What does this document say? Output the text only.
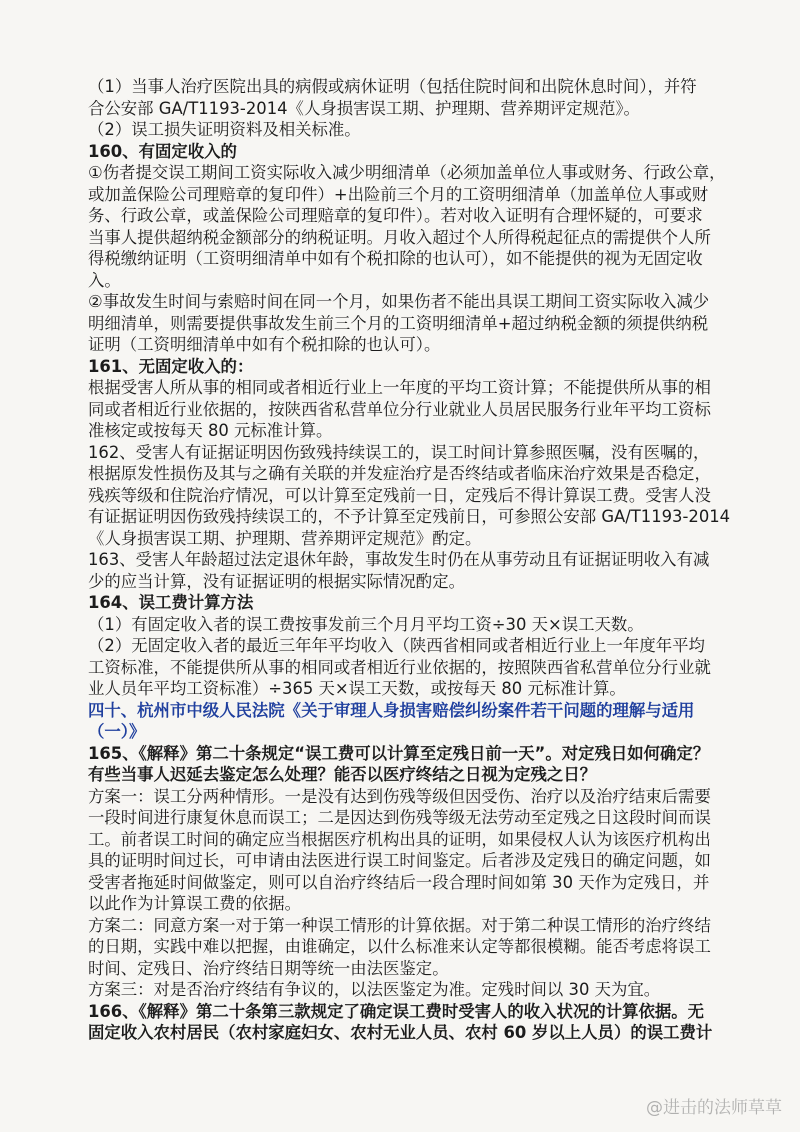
（1）当事人治疗医院出具的病假或病休证明（包括住院时间和出院休息时间），并符
合公安部 GA/T1193-2014《人身损害误工期、护理期、营养期评定规范》。
（2）误工损失证明资料及相关标准。
160、有固定收入的
①伤者提交误工期间工资实际收入减少明细清单（必须加盖单位人事或财务、行政公章，
或加盖保险公司理赔章的复印件）+出险前三个月的工资明细清单（加盖单位人事或财
务、行政公章，或盖保险公司理赔章的复印件）。若对收入证明有合理怀疑的，可要求
当事人提供超纳税金额部分的纳税证明。月收入超过个人所得税起征点的需提供个人所
得税缴纳证明（工资明细清单中如有个税扣除的也认可），如不能提供的视为无固定收
入。
②事故发生时间与索赔时间在同一个月，如果伤者不能出具误工期间工资实际收入减少
明细清单，则需要提供事故发生前三个月的工资明细清单+超过纳税金额的须提供纳税
证明（工资明细清单中如有个税扣除的也认可）。
161、无固定收入的：
根据受害人所从事的相同或者相近行业上一年度的平均工资计算；不能提供所从事的相
同或者相近行业依据的，按陕西省私营单位分行业就业人员居民服务行业年平均工资标
准核定或按每天 80 元标准计算。
162、受害人有证据证明因伤致残持续误工的，误工时间计算参照医嘱，没有医嘱的，
根据原发性损伤及其与之确有关联的并发症治疗是否终结或者临床治疗效果是否稳定，
残疾等级和住院治疗情况，可以计算至定残前一日，定残后不得计算误工费。受害人没
有证据证明因伤致残持续误工的，不予计算至定残前日，可参照公安部 GA/T1193-2014
《人身损害误工期、护理期、营养期评定规范》酌定。
163、受害人年龄超过法定退休年龄，事故发生时仍在从事劳动且有证据证明收入有减
少的应当计算，没有证据证明的根据实际情况酌定。
164、误工费计算方法
（1）有固定收入者的误工费按事发前三个月月平均工资÷30 天×误工天数。
（2）无固定收入者的最近三年年平均收入（陕西省相同或者相近行业上一年度年平均
工资标准，不能提供所从事的相同或者相近行业依据的，按照陕西省私营单位分行业就
业人员年平均工资标准）÷365 天×误工天数，或按每天 80 元标准计算。
四十、杭州市中级人民法院《关于审理人身损害赔偿纠纷案件若干问题的理解与适用
（一）》
165、《解释》第二十条规定“误工费可以计算至定残日前一天”。对定残日如何确定？
有些当事人迟延去鉴定怎么处理？能否以医疗终结之日视为定残之日？
方案一：误工分两种情形。一是没有达到伤残等级但因受伤、治疗以及治疗结束后需要
一段时间进行康复休息而误工；二是因达到伤残等级无法劳动至定残之日这段时间而误
工。前者误工时间的确定应当根据医疗机构出具的证明，如果侵权人认为该医疗机构出
具的证明时间过长，可申请由法医进行误工时间鉴定。后者涉及定残日的确定问题，如
受害者拖延时间做鉴定，则可以自治疗终结后一段合理时间如第 30 天作为定残日，并
以此作为计算误工费的依据。
方案二：同意方案一对于第一种误工情形的计算依据。对于第二种误工情形的治疗终结
的日期，实践中难以把握，由谁确定，以什么标准来认定等都很模糊。能否考虑将误工
时间、定残日、治疗终结日期等统一由法医鉴定。
方案三：对是否治疗终结有争议的，以法医鉴定为准。定残时间以 30 天为宜。
166、《解释》第二十条第三款规定了确定误工费时受害人的收入状况的计算依据。无
固定收入农村居民（农村家庭妇女、农村无业人员、农村 60 岁以上人员）的误工费计
@进击的法师草草
